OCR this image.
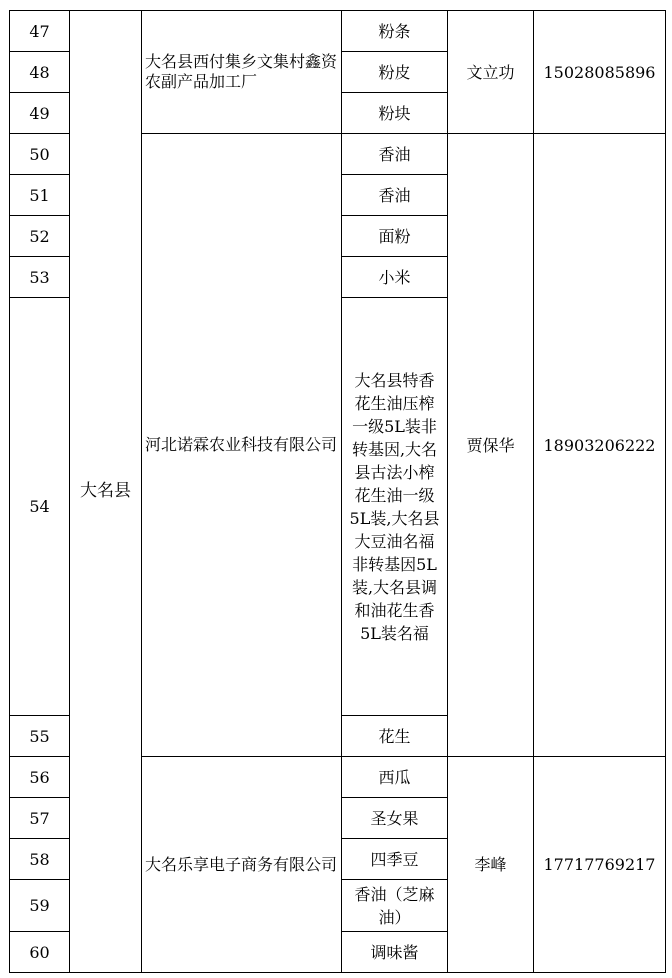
47	大名县	大名县西付集乡文集村鑫资农副产品加工厂	粉条	文立功	15028085896
48			粉皮		
49			粉块		
50		河北诺霖农业科技有限公司	香油	贾保华	18903206222
51			香油		
52			面粉		
53			小米		
54			大名县特香花生油压榨一级5L装非转基因,大名县古法小榨花生油一级5L装,大名县大豆油名福非转基因5L装,大名县调和油花生香5L装名福		
55			花生		
56		大名乐享电子商务有限公司	西瓜	李峰	17717769217
57			圣女果		
58			四季豆		
59			香油（芝麻油）		
60			调味酱		
